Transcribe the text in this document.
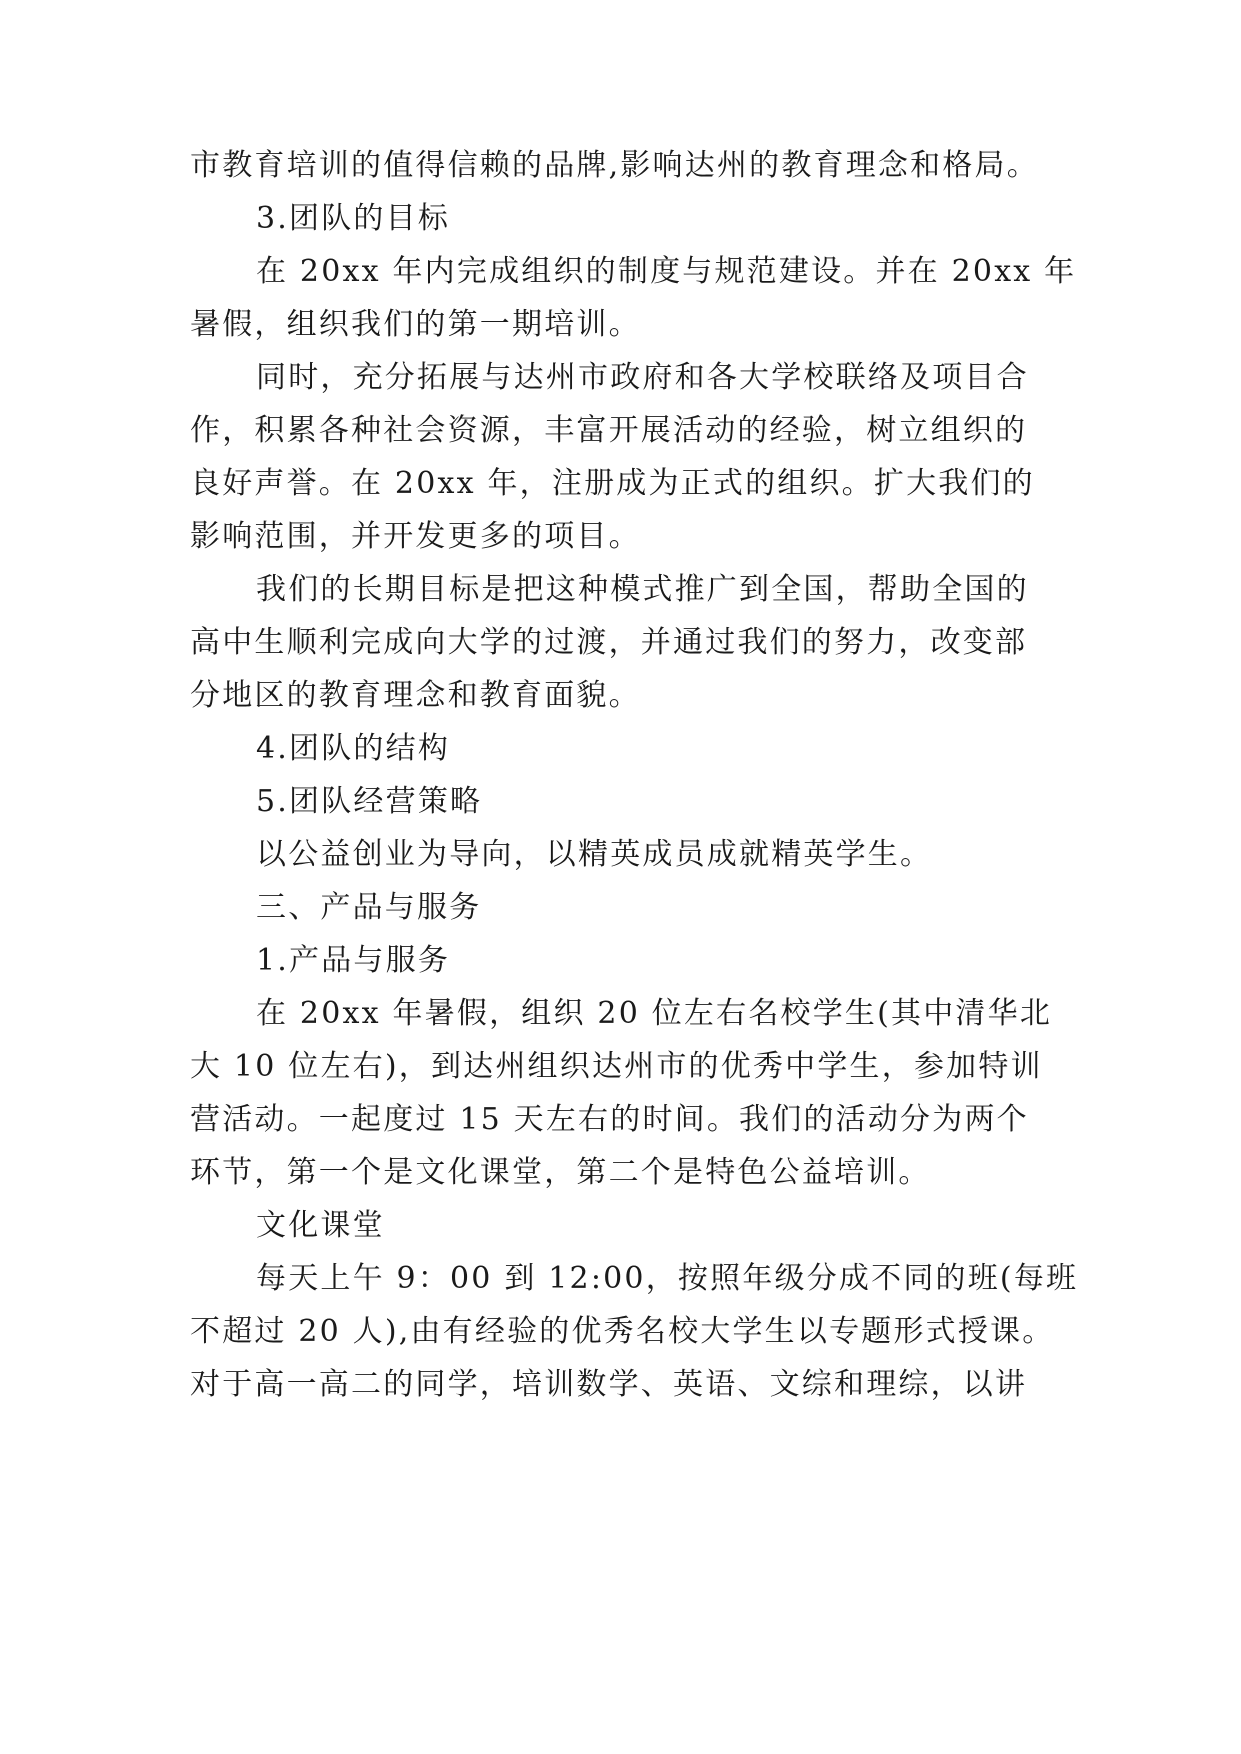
市教育培训的值得信赖的品牌,影响达州的教育理念和格局。
3.团队的目标
在 20xx 年内完成组织的制度与规范建设。并在 20xx 年
暑假，组织我们的第一期培训。
同时，充分拓展与达州市政府和各大学校联络及项目合
作，积累各种社会资源，丰富开展活动的经验，树立组织的
良好声誉。在 20xx 年，注册成为正式的组织。扩大我们的
影响范围，并开发更多的项目。
我们的长期目标是把这种模式推广到全国，帮助全国的
高中生顺利完成向大学的过渡，并通过我们的努力，改变部
分地区的教育理念和教育面貌。
4.团队的结构
5.团队经营策略
以公益创业为导向，以精英成员成就精英学生。
三、产品与服务
1.产品与服务
在 20xx 年暑假，组织 20 位左右名校学生(其中清华北
大 10 位左右)，到达州组织达州市的优秀中学生，参加特训
营活动。一起度过 15 天左右的时间。我们的活动分为两个
环节，第一个是文化课堂，第二个是特色公益培训。
文化课堂
每天上午 9：00 到 12:00，按照年级分成不同的班(每班
不超过 20 人),由有经验的优秀名校大学生以专题形式授课。
对于高一高二的同学，培训数学、英语、文综和理综，以讲
